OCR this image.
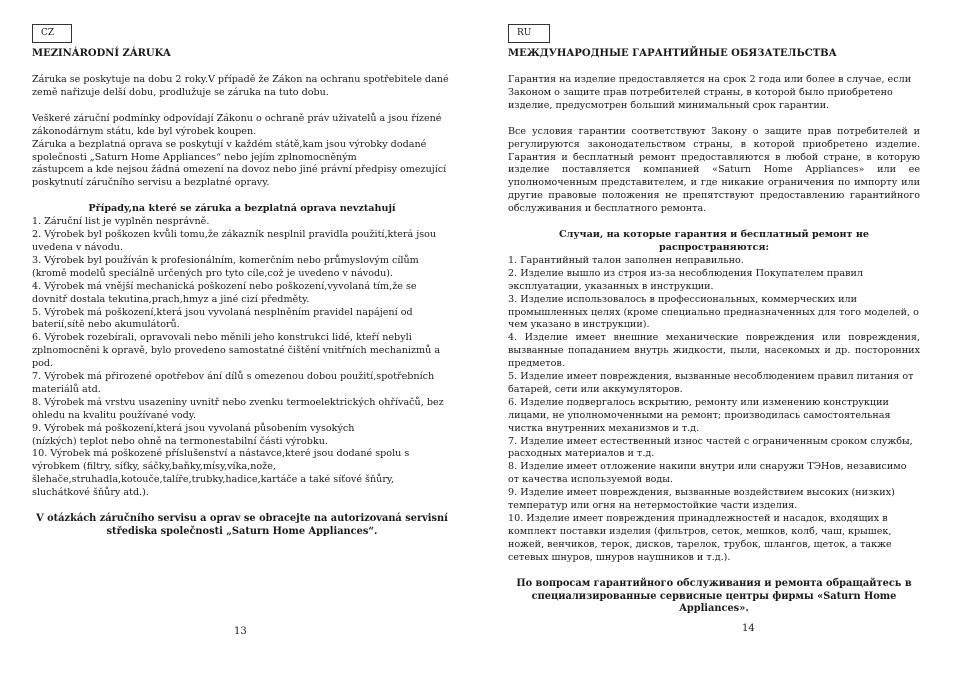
CZ
MEZINÁRODNÍ ZÁRUKA

Záruka se poskytuje na dobu 2 roky.V případě že Zákon na ochranu spotřebitele dané země nařizuje delší dobu, prodlužuje se záruka na tuto dobu.

Veškeré záruční podmínky odpovídají Zákonu o ochraně práv uživatelů a jsou řízené zákonodárnym státu, kde byl výrobek koupen.
Záruka a bezplatná oprava se poskytují v každém státě,kam jsou výrobky dodané společnosti „Saturn Home Appliances“ nebo jejím zplnomocněným
zástupcem a kde nejsou žádná omezení na dovoz nebo jiné právní předpisy omezující poskytnutí záručního servisu a bezplatné opravy.

Případy,na které se záruka a bezplatná oprava nevztahují

1. Záruční list je vyplněn nesprávně.
2. Výrobek byl poškozen kvůli tomu,že zákazník nesplnil pravidla použití,která jsou uvedena v návodu.
3. Výrobek byl používán k profesionálním, komerčním nebo průmyslovým cílům (kromě modelů speciálně určených pro tyto cíle,což je uvedeno v návodu).
4. Výrobek má vnější mechanická poškození nebo poškození,vyvolaná tím,že se dovnitř dostala tekutina,prach,hmyz a jiné cizí předměty.
5. Výrobek má poškození,která jsou vyvolaná nesplněním pravidel napájení od baterií,sítě nebo akumulátorů.
6. Výrobek rozebírali, opravovali nebo měnili jeho konstrukci lidé, kteří nebyli zplnomocněni k opravě, bylo provedeno samostatné čištění vnitřních mechanizmů a pod.
7. Výrobek má přirozené opotřebov ání dílů s omezenou dobou použití,spotřebních materiálů atd.
8. Výrobek má vrstvu usazeniny uvnitř nebo zvenku termoelektrických ohřívačů, bez ohledu na kvalitu používané vody.
9. Výrobek má poškození,která jsou vyvolaná působením vysokých
(nízkých) teplot nebo ohně na termonestabilní části výrobku.
10. Výrobek má poškozené příslušenství a nástavce,které jsou dodané spolu s výrobkem (filtry, síťky, sáčky,baňky,mísy,víka,nože,
šlehače,struhadla,kotouče,talíře,trubky,hadice,kartáče a také síťové šňůry, sluchátkové šňůry atd.).

V otázkách záručního servisu a oprav se obracejte na autorizovaná servisní střediska společnosti „Saturn Home Appliances“.

13
RU
МЕЖДУНАРОДНЫЕ ГАРАНТИЙНЫЕ ОБЯЗАТЕЛЬСТВА

Гарантия на изделие предоставляется на срок 2 года или более в случае, если Законом о защите прав потребителей страны, в которой было приобретено изделие, предусмотрен больший минимальный срок гарантии.

Все условия гарантии соответствуют Закону о защите прав потребителей и регулируются законодательством страны, в которой приобретено изделие. Гарантия и бесплатный ремонт предоставляются в любой стране, в которую изделие поставляется компанией «Saturn Home Appliances» или ее уполномоченным представителем, и где никакие ограничения по импорту или другие правовые положения не препятствуют предоставлению гарантийного обслуживания и бесплатного ремонта.

Случаи, на которые гарантия и бесплатный ремонт не распространяются:

1. Гарантийный талон заполнен неправильно.
2. Изделие вышло из строя из-за несоблюдения Покупателем правил эксплуатации, указанных в инструкции.
3. Изделие использовалось в профессиональных, коммерческих или промышленных целях (кроме специально предназначенных для того моделей, о чем указано в инструкции).
4. Изделие имеет внешние механические повреждения или повреждения, вызванные попаданием внутрь жидкости, пыли, насекомых и др. посторонних предметов.
5. Изделие имеет повреждения, вызванные несоблюдением правил питания от батарей, сети или аккумуляторов.
6. Изделие подвергалось вскрытию, ремонту или изменению конструкции лицами, не уполномоченными на ремонт; производилась самостоятельная чистка внутренних механизмов и т.д.
7. Изделие имеет естественный износ частей с ограниченным сроком службы, расходных материалов и т.д.
8. Изделие имеет отложение накипи внутри или снаружи ТЭНов, независимо от качества используемой воды.
9. Изделие имеет повреждения, вызванные воздействием высоких (низких) температур или огня на нетермостойкие части изделия.
10. Изделие имеет повреждения принадлежностей и насадок, входящих в комплект поставки изделия (фильтров, сеток, мешков, колб, чаш, крышек, ножей, венчиков, терок, дисков, тарелок, трубок, шлангов, щеток, а также сетевых шнуров, шнуров наушников и т.д.).

По вопросам гарантийного обслуживания и ремонта обращайтесь в специализированные сервисные центры фирмы «Saturn Home Appliances».

14
